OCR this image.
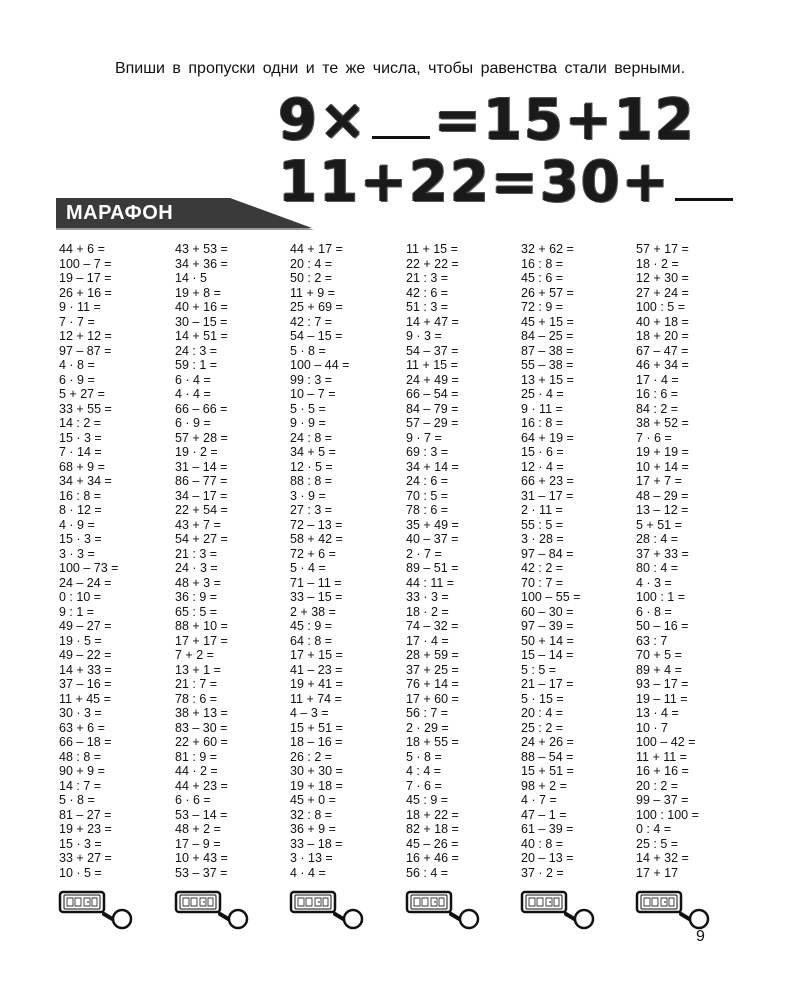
Впиши в пропуски одни и те же числа, чтобы равенства стали верными.
9× =15+12
11+22=30+
МАРАФОН
44 + 6 =
100 – 7 =
19 – 17 =
26 + 16 =
9 · 11 =
7 · 7 =
12 + 12 =
97 – 87 =
4 · 8 =
6 · 9 =
5 + 27 =
33 + 55 =
14 : 2 =
15 · 3 =
7 · 14 =
68 + 9 =
34 + 34 =
16 : 8 =
8 · 12 =
4 · 9 =
15 · 3 =
3 · 3 =
100 – 73 =
24 – 24 =
0 : 10 =
9 : 1 =
49 – 27 =
19 · 5 =
49 – 22 =
14 + 33 =
37 – 16 =
11 + 45 =
30 · 3 =
63 + 6 =
66 – 18 =
48 : 8 =
90 + 9 =
14 : 7 =
5 · 8 =
81 – 27 =
19 + 23 =
15 · 3 =
33 + 27 =
10 · 5 =
43 + 53 =
34 + 36 =
14 · 5
19 + 8 =
40 + 16 =
30 – 15 =
14 + 51 =
24 : 3 =
59 : 1 =
6 · 4 =
4 · 4 =
66 – 66 =
6 · 9 =
57 + 28 =
19 · 2 =
31 – 14 =
86 – 77 =
34 – 17 =
22 + 54 =
43 + 7 =
54 + 27 =
21 : 3 =
24 · 3 =
48 + 3 =
36 : 9 =
65 : 5 =
88 + 10 =
17 + 17 =
7 + 2 =
13 + 1 =
21 : 7 =
78 : 6 =
38 + 13 =
83 – 30 =
22 + 60 =
81 : 9 =
44 · 2 =
44 + 23 =
6 · 6 =
53 – 14 =
48 + 2 =
17 – 9 =
10 + 43 =
53 – 37 =
44 + 17 =
20 : 4 =
50 : 2 =
11 + 9 =
25 + 69 =
42 : 7 =
54 – 15 =
5 · 8 =
100 – 44 =
99 : 3 =
10 – 7 =
5 · 5 =
9 · 9 =
24 : 8 =
34 + 5 =
12 · 5 =
88 : 8 =
3 · 9 =
27 : 3 =
72 – 13 =
58 + 42 =
72 + 6 =
5 · 4 =
71 – 11 =
33 – 15 =
2 + 38 =
45 : 9 =
64 : 8 =
17 + 15 =
41 – 23 =
19 + 41 =
11 + 74 =
4 – 3 =
15 + 51 =
18 – 16 =
26 : 2 =
30 + 30 =
19 + 18 =
45 + 0 =
32 : 8 =
36 + 9 =
33 – 18 =
3 · 13 =
4 · 4 =
11 + 15 =
22 + 22 =
21 : 3 =
42 : 6 =
51 : 3 =
14 + 47 =
9 · 3 =
54 – 37 =
11 + 15 =
24 + 49 =
66 – 54 =
84 – 79 =
57 – 29 =
9 · 7 =
69 : 3 =
34 + 14 =
24 : 6 =
70 : 5 =
78 : 6 =
35 + 49 =
40 – 37 =
2 · 7 =
89 – 51 =
44 : 11 =
33 · 3 =
18 · 2 =
74 – 32 =
17 · 4 =
28 + 59 =
37 + 25 =
76 + 14 =
17 + 60 =
56 : 7 =
2 · 29 =
18 + 55 =
5 · 8 =
4 : 4 =
7 · 6 =
45 : 9 =
18 + 22 =
82 + 18 =
45 – 26 =
16 + 46 =
56 : 4 =
32 + 62 =
16 : 8 =
45 : 6 =
26 + 57 =
72 : 9 =
45 + 15 =
84 – 25 =
87 – 38 =
55 – 38 =
13 + 15 =
25 · 4 =
9 · 11 =
16 : 8 =
64 + 19 =
15 · 6 =
12 · 4 =
66 + 23 =
31 – 17 =
2 · 11 =
55 : 5 =
3 · 28 =
97 – 84 =
42 : 2 =
70 : 7 =
100 – 55 =
60 – 30 =
97 – 39 =
50 + 14 =
15 – 14 =
5 : 5 =
21 – 17 =
5 · 15 =
20 : 4 =
25 : 2 =
24 + 26 =
88 – 54 =
15 + 51 =
98 + 2 =
4 · 7 =
47 – 1 =
61 – 39 =
40 : 8 =
20 – 13 =
37 · 2 =
57 + 17 =
18 · 2 =
12 + 30 =
27 + 24 =
100 : 5 =
40 + 18 =
18 + 20 =
67 – 47 =
46 + 34 =
17 · 4 =
16 : 6 =
84 : 2 =
38 + 52 =
7 · 6 =
19 + 19 =
10 + 14 =
17 + 7 =
48 – 29 =
13 – 12 =
5 + 51 =
28 : 4 =
37 + 33 =
80 : 4 =
4 · 3 =
100 : 1 =
6 · 8 =
50 – 16 =
63 : 7
70 + 5 =
89 + 4 =
93 – 17 =
19 – 11 =
13 · 4 =
10 · 7
100 – 42 =
11 + 11 =
16 + 16 =
20 : 2 =
99 – 37 =
100 : 100 =
0 : 4 =
25 : 5 =
14 + 32 =
17 + 17
9
